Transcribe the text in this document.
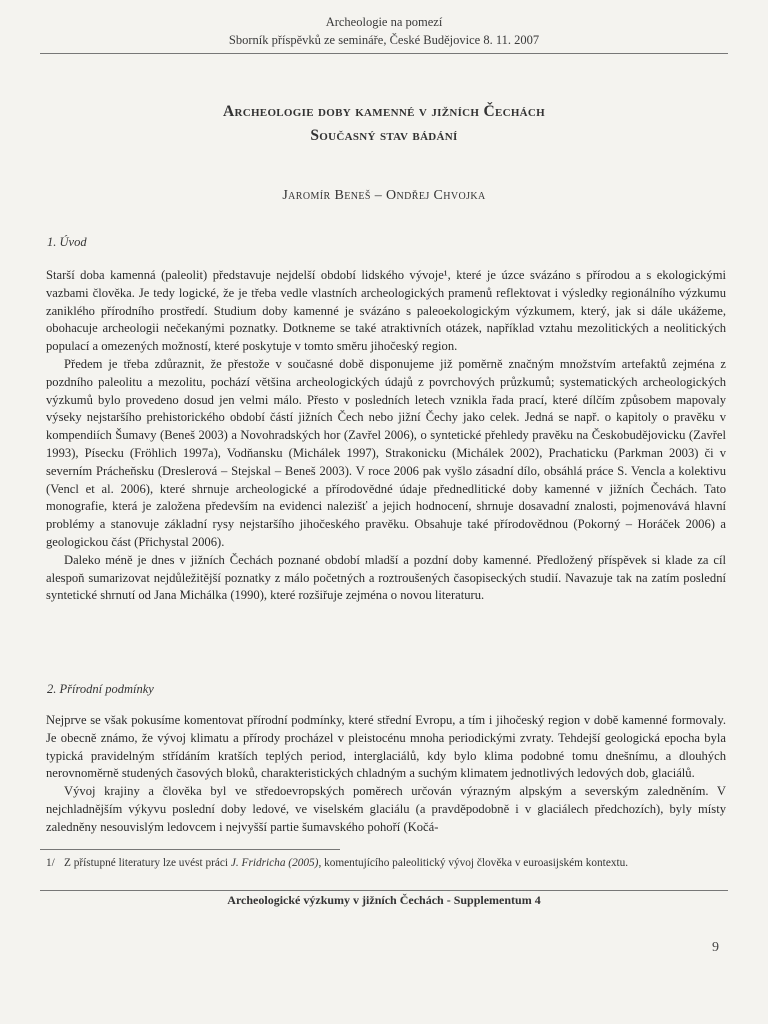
Archeologie na pomezí
Sborník příspěvků ze semináře, České Budějovice 8. 11. 2007
Archeologie doby kamenné v jižních Čechách
Současný stav bádání
Jaromír Beneš – Ondřej Chvojka
1. Úvod

Starší doba kamenná (paleolit) představuje nejdelší období lidského vývoje¹, které je úzce svázáno s přírodou a s ekologickými vazbami člověka. Je tedy logické, že je třeba vedle vlastních archeologických pramenů reflektovat i výsledky regionálního výzkumu zaniklého přírodního prostředí. Studium doby kamenné je svázáno s paleoekologickým výzkumem, který, jak si dále ukážeme, obohacuje archeologii nečekanými poznatky. Dotkneme se také atraktivních otázek, například vztahu mezolitických a neolitických populací a omezených možností, které poskytuje v tomto směru jihočeský region.

Předem je třeba zdůraznit, že přestože v současné době disponujeme již poměrně značným množstvím artefaktů zejména z pozdního paleolitu a mezolitu, pochází většina archeologických údajů z povrchových průzkumů; systematických archeologických výzkumů bylo provedeno dosud jen velmi málo. Přesto v posledních letech vznikla řada prací, které dílčím způsobem mapovaly výseky nejstaršího prehistorického období částí jižních Čech nebo jižní Čechy jako celek. Jedná se např. o kapitoly o pravěku v kompendiích Šumavy (Beneš 2003) a Novohradských hor (Zavřel 2006), o syntetické přehledy pravěku na Českobudějovicku (Zavřel 1993), Písecku (Fröhlich 1997a), Vodňansku (Michálek 1997), Strakonicku (Michálek 2002), Prachaticku (Parkman 2003) či v severním Prácheňsku (Dreslerová – Stejskal – Beneš 2003). V roce 2006 pak vyšlo zásadní dílo, obsáhlá práce S. Vencla a kolektivu (Vencl et al. 2006), které shrnuje archeologické a přírodovědné údaje přednedlitické doby kamenné v jižních Čechách. Tato monografie, která je založena především na evidenci nalezišť a jejich hodnocení, shrnuje dosavadní znalosti, pojmenovává hlavní problémy a stanovuje základní rysy nejstaršího jihočeského pravěku. Obsahuje také přírodovědnou (Pokorný – Horáček 2006) a geologickou část (Přichystal 2006).

Daleko méně je dnes v jižních Čechách poznané období mladší a pozdní doby kamenné. Předložený příspěvek si klade za cíl alespoň sumarizovat nejdůležitější poznatky z málo početných a roztroušených časopiseckých studií. Navazuje tak na zatím poslední syntetické shrnutí od Jana Michálka (1990), které rozšiřuje zejména o novou literaturu.

2. Přírodní podmínky

Nejprve se však pokusíme komentovat přírodní podmínky, které střední Evropu, a tím i jihočeský region v době kamenné formovaly. Je obecně známo, že vývoj klimatu a přírody procházel v pleistocénu mnoha periodickými zvraty. Tehdejší geologická epocha byla typická pravidelným střídáním kratších teplých period, interglaciálů, kdy bylo klima podobné tomu dnešnímu, a dlouhých nerovnoměrně studených časových bloků, charakteristických chladným a suchým klimatem jednotlivých ledových dob, glaciálů.

Vývoj krajiny a člověka byl ve středoevropských poměrech určován výrazným alpským a severským zaledněním. V nejchladnějším výkyvu poslední doby ledové, ve viselském glaciálu (a pravděpodobně i v glaciálech předchozích), byly místy zaledněny nesouvislým ledovcem i nejvyšší partie šumavského pohoří (Kočá-

1/ Z přístupné literatury lze uvést práci J. Fridricha (2005), komentujícího paleolitický vývoj člověka v euroasijském kontextu.
Archeologické výzkumy v jižních Čechách - Supplementum 4
9
